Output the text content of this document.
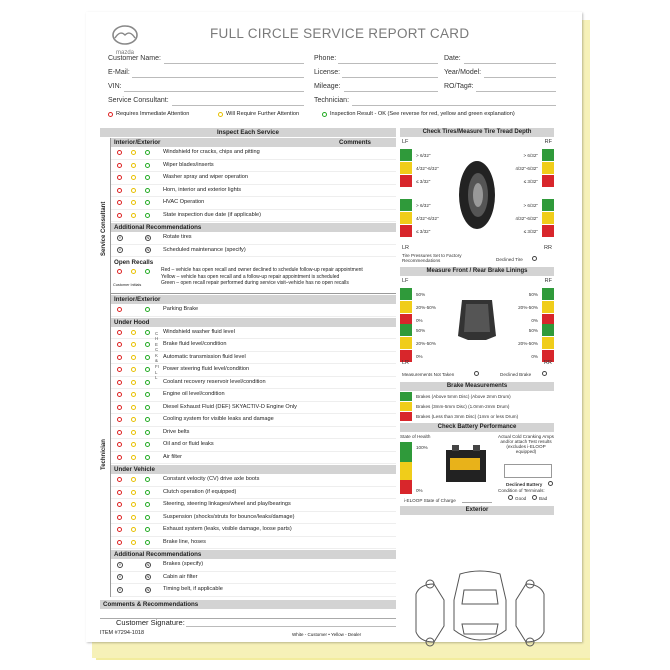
mazda
FULL CIRCLE SERVICE REPORT CARD
Customer Name:	Phone:	Date:
E-Mail:	License:	Year/Model:
VIN:	Mileage:	RO/Tag#:
Service Consultant:	Technician:
Requires Immediate Attention	Will Require Further Attention	Inspection Result - OK (See reverse for red, yellow and green explanation)
Inspect Each Service
Interior/Exterior	Comments
Windshield for cracks, chips and pitting
Wiper blades/inserts
Washer spray and wiper operation
Horn, interior and exterior lights
HVAC Operation
State inspection due date (if applicable)
Additional Recommendations
Y	N Rotate tires
Y	N Scheduled maintenance (specify)
Open Recalls
Customer Initials
Red – vehicle has open recall and owner declined to schedule follow-up repair appointment
Yellow – vehicle has open recall and a follow-up repair appointment is scheduled
Green – open recall repair performed during service visit–vehicle has no open recalls
Service Consultant
Interior/Exterior
Parking Brake
Under Hood
Windshield washer fluid level
Brake fluid level/condition
Automatic transmission fluid level
Power steering fluid level/condition
Coolant recovery reservoir level/condition
Engine oil level/condition
Diesel Exhaust Fluid (DEF) SKYACTIV-D Engine Only
Cooling system for visible leaks and damage
Drive belts
Oil and or fluid leaks
Air filter
CHECK & FILL
Under Vehicle
Constant velocity (CV) drive axle boots
Clutch operation (if equipped)
Steering, steering linkages/wheel and play/bearings
Suspension (shocks/struts for bounce/leaks/damage)
Exhaust system (leaks, visible damage, loose parts)
Brake line, hoses
Additional Recommendations
Y	N Brakes (specify)
Y	N Cabin air filter
Y	N Timing belt, if applicable
Technician
Comments & Recommendations
Customer Signature:
ITEM #7294-1018	White - Customer • Yellow - Dealer
Check Tires/Measure Tire Tread Depth
LF	RF
> 6/32"	> 6/32"
4/32"-6/32"	4/32"-6/32"
≤ 3/32"	≤ 3/32"
> 6/32"	> 6/32"
4/32"-6/32"	4/32"-6/32"
≤ 3/32"	≤ 3/32"
LR	RR
Tire Pressures Set to Factory Recommendations	Declined Tire
Measure Front / Rear Brake Linings
LF	RF
50%	50%
20%-50%	20%-50%
0%	0%
50%	50%
20%-50%	20%-50%
0%	0%
LR	RR
Measurements Not Taken	Declined Brake
Brake Measurements
Brakes (Above 5mm Disc) (Above 2mm Drum)
Brakes (3mm-5mm Disc) (1.0mm-2mm Drum)
Brakes (Less than 3mm Disc) (1mm or less Drum)
Check Battery Performance
State of Health
100%
0%
Actual Cold Cranking Amps and/or attach Test results (excludes i-ELOOP equipped)
Declined Battery
Condition of Terminals:
Good	Bad
i-ELOOP State of Charge
Exterior
